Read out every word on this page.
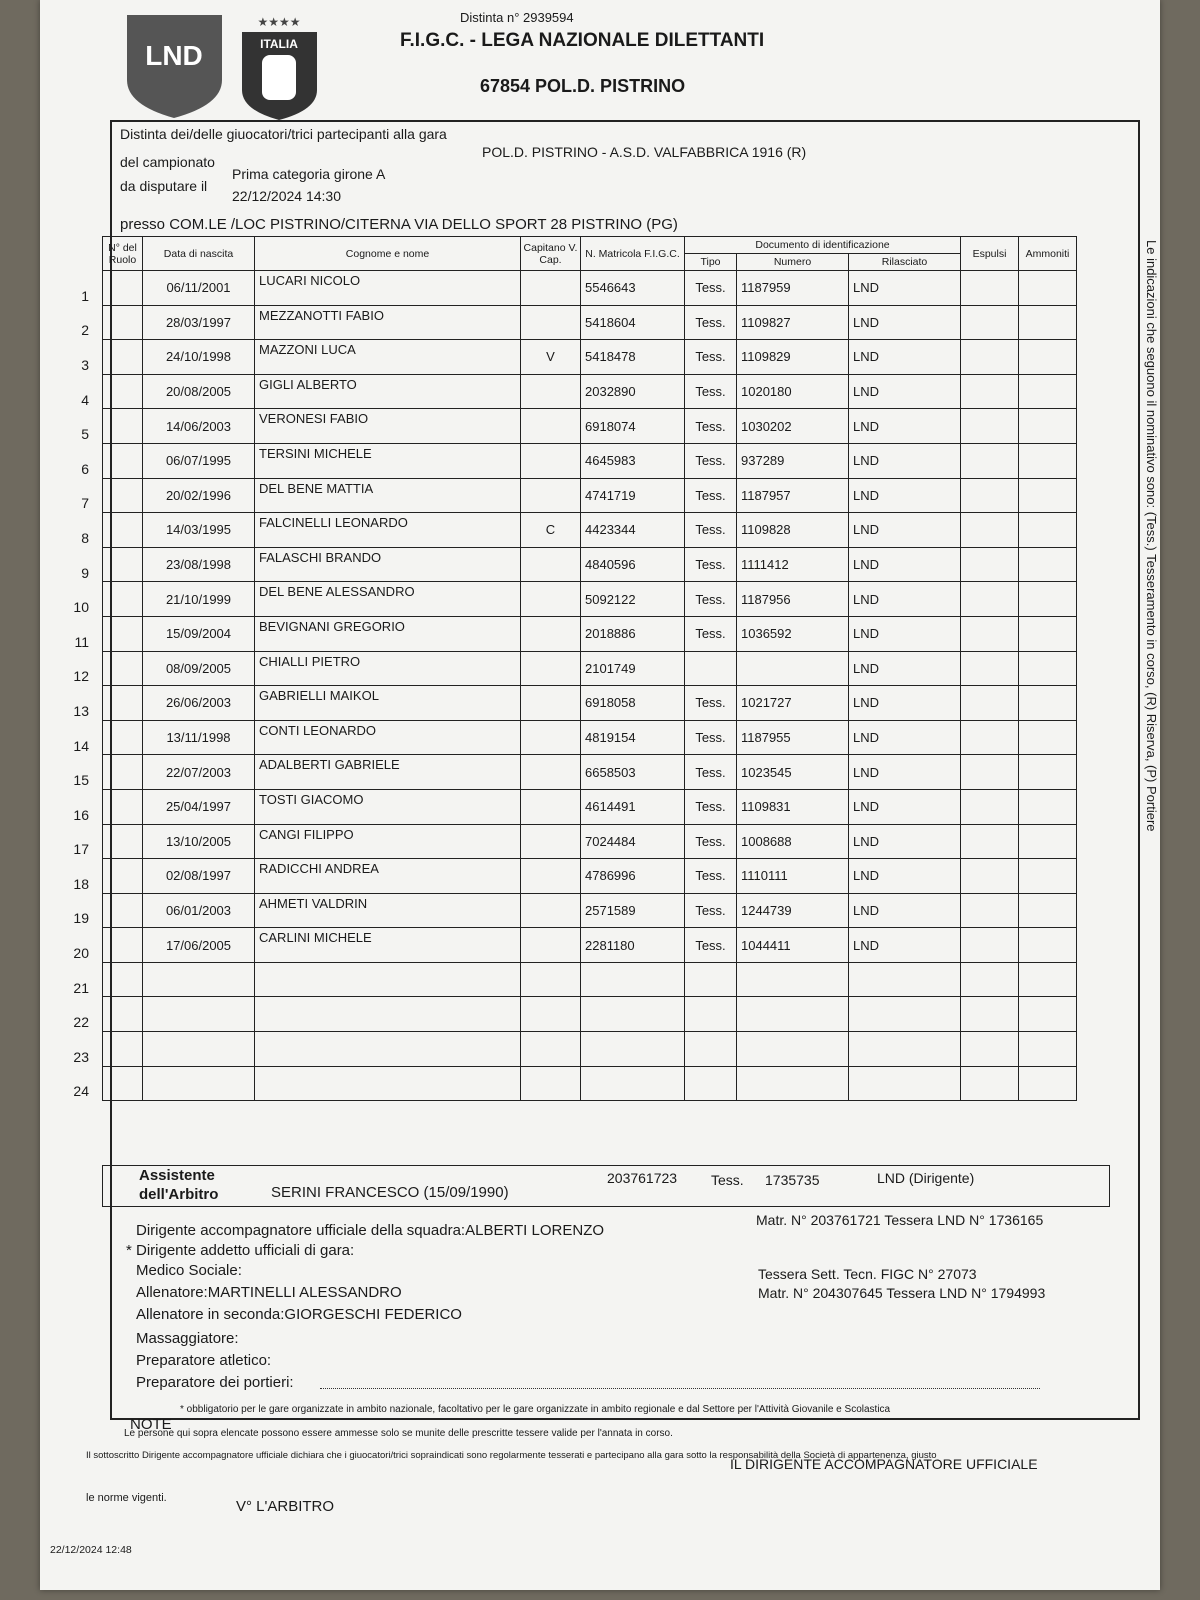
LND	ITALIA
★★★★	Distinta n° 2939594
F.I.G.C. - LEGA NAZIONALE DILETTANTI
67854 POL.D. PISTRINO
Distinta dei/delle giuocatori/trici partecipanti alla gara
POL.D. PISTRINO - A.S.D. VALFABBRICA 1916 (R)
del campionato
Prima categoria girone A
da disputare il
22/12/2024 14:30
presso COM.LE /LOC PISTRINO/CITERNA VIA DELLO SPORT 28 PISTRINO (PG)
N° del Ruolo	Data di nascita	Cognome e nome	Capitano V. Cap.	N. Matricola F.I.G.C.	Documento di identificazione			Espulsi	Ammoniti
					Tipo	Numero	Rilasciato		

1	06/11/2001	LUCARI NICOLO		5546643	Tess.	1187959	LND		

2	28/03/1997	MEZZANOTTI FABIO		5418604	Tess.	1109827	LND		

3	24/10/1998	MAZZONI LUCA	V	5418478	Tess.	1109829	LND		

4	20/08/2005	GIGLI ALBERTO		2032890	Tess.	1020180	LND		

5	14/06/2003	VERONESI FABIO		6918074	Tess.	1030202	LND		

6	06/07/1995	TERSINI MICHELE		4645983	Tess.	937289	LND		

7	20/02/1996	DEL BENE MATTIA		4741719	Tess.	1187957	LND		

8	14/03/1995	FALCINELLI LEONARDO	C	4423344	Tess.	1109828	LND		

9	23/08/1998	FALASCHI BRANDO		4840596	Tess.	1111412	LND		

10	21/10/1999	DEL BENE ALESSANDRO		5092122	Tess.	1187956	LND		

11	15/09/2004	BEVIGNANI GREGORIO		2018886	Tess.	1036592	LND		

12	08/09/2005	CHIALLI PIETRO		2101749			LND		

13	26/06/2003	GABRIELLI MAIKOL		6918058	Tess.	1021727	LND		

14	13/11/1998	CONTI LEONARDO		4819154	Tess.	1187955	LND		

15	22/07/2003	ADALBERTI GABRIELE		6658503	Tess.	1023545	LND		

16	25/04/1997	TOSTI GIACOMO		4614491	Tess.	1109831	LND		

17	13/10/2005	CANGI FILIPPO		7024484	Tess.	1008688	LND		

18	02/08/1997	RADICCHI ANDREA		4786996	Tess.	1110111	LND		

19	06/01/2003	AHMETI VALDRIN		2571589	Tess.	1244739	LND		

20	17/06/2005	CARLINI MICHELE		2281180	Tess.	1044411	LND		

21									

22									

23									

24									

Assistente
dell'Arbitro	SERINI FRANCESCO (15/09/1990)
203761723 Tess. 1735735	LND (Dirigente)
Dirigente accompagnatore ufficiale della squadra:ALBERTI LORENZO
Matr. N° 203761721 Tessera LND N° 1736165
* Dirigente addetto ufficiali di gara:
Medico Sociale:
Allenatore:MARTINELLI ALESSANDRO
Tessera Sett. Tecn. FIGC N° 27073
Matr. N° 204307645 Tessera LND N° 1794993
Allenatore in seconda:GIORGESCHI FEDERICO
Massaggiatore:
Preparatore atletico:
Preparatore dei portieri:
NOTE
* obbligatorio per le gare organizzate in ambito nazionale, facoltativo per le gare organizzate in ambito regionale e dal Settore per l'Attività Giovanile e Scolastica
Le persone qui sopra elencate possono essere ammesse solo se munite delle prescritte tessere valide per l'annata in corso.
Il sottoscritto Dirigente accompagnatore ufficiale dichiara che i giuocatori/trici sopraindicati sono regolarmente tesserati e partecipano alla gara sotto la responsabilità della Società di appartenenza, giusto
le norme vigenti.
IL DIRIGENTE ACCOMPAGNATORE UFFICIALE
V° L'ARBITRO
22/12/2024 12:48
Le indicazioni che seguono il nominativo sono: (Tess.) Tesseramento in corso, (R) Riserva, (P) Portiere
